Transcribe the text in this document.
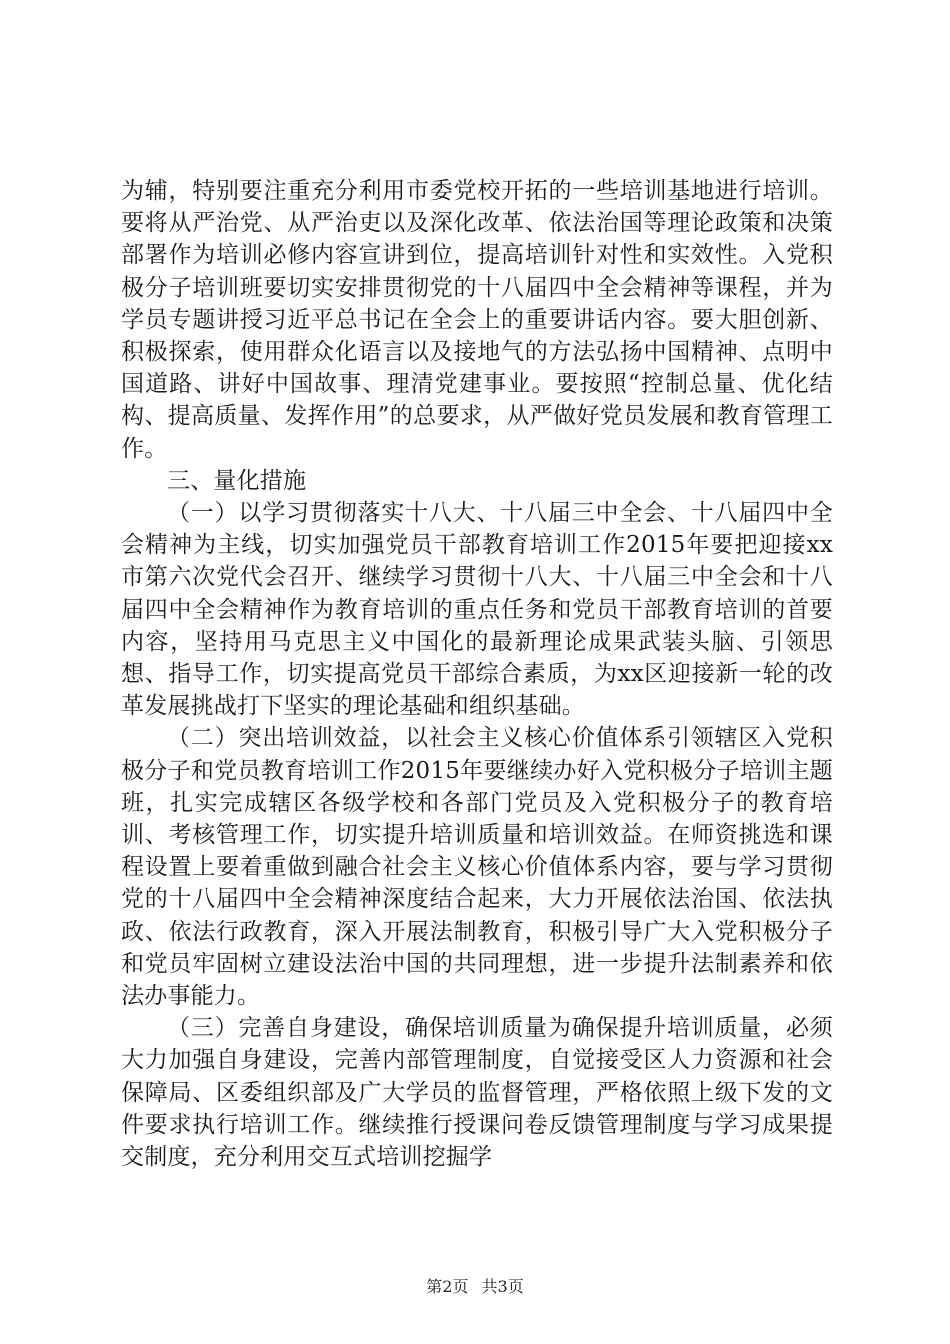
为辅，特别要注重充分利用市委党校开拓的一些培训基地进行培训。要将从严治党、从严治吏以及深化改革、依法治国等理论政策和决策部署作为培训必修内容宣讲到位，提高培训针对性和实效性。入党积极分子培训班要切实安排贯彻党的十八届四中全会精神等课程，并为学员专题讲授习近平总书记在全会上的重要讲话内容。要大胆创新、积极探索，使用群众化语言以及接地气的方法弘扬中国精神、点明中国道路、讲好中国故事、理清党建事业。要按照“控制总量、优化结构、提高质量、发挥作用”的总要求，从严做好党员发展和教育管理工作。

三、量化措施

（一）以学习贯彻落实十八大、十八届三中全会、十八届四中全会精神为主线，切实加强党员干部教育培训工作2015年要把迎接xx市第六次党代会召开、继续学习贯彻十八大、十八届三中全会和十八届四中全会精神作为教育培训的重点任务和党员干部教育培训的首要内容，坚持用马克思主义中国化的最新理论成果武装头脑、引领思想、指导工作，切实提高党员干部综合素质，为xx区迎接新一轮的改革发展挑战打下坚实的理论基础和组织基础。

（二）突出培训效益，以社会主义核心价值体系引领辖区入党积极分子和党员教育培训工作2015年要继续办好入党积极分子培训主题班，扎实完成辖区各级学校和各部门党员及入党积极分子的教育培训、考核管理工作，切实提升培训质量和培训效益。在师资挑选和课程设置上要着重做到融合社会主义核心价值体系内容，要与学习贯彻党的十八届四中全会精神深度结合起来，大力开展依法治国、依法执政、依法行政教育，深入开展法制教育，积极引导广大入党积极分子和党员牢固树立建设法治中国的共同理想，进一步提升法制素养和依法办事能力。

（三）完善自身建设，确保培训质量为确保提升培训质量，必须大力加强自身建设，完善内部管理制度，自觉接受区人力资源和社会保障局、区委组织部及广大学员的监督管理，严格依照上级下发的文件要求执行培训工作。继续推行授课问卷反馈管理制度与学习成果提交制度，充分利用交互式培训挖掘学

第2页 共3页
